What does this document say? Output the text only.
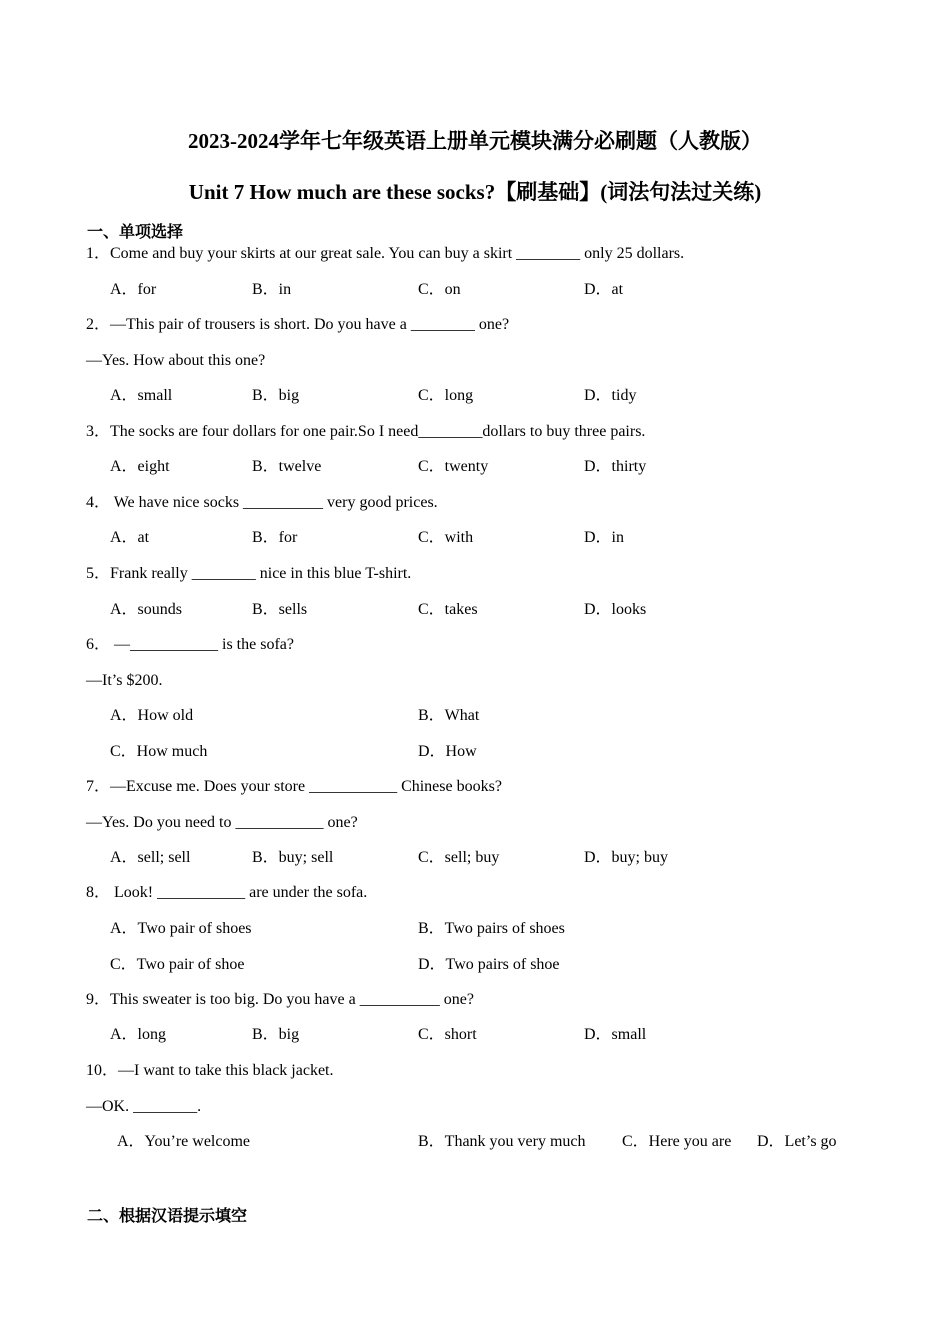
2023-2024学年七年级英语上册单元模块满分必刷题（人教版）
Unit 7 How much are these socks?【刷基础】(词法句法过关练)
一、单项选择
1．Come and buy your skirts at our great sale. You can buy a skirt ________ only 25 dollars.
A．for	B．in	C．on	D．at
2．—This pair of trousers is short. Do you have a ________ one?
—Yes. How about this one?
A．small	B．big	C．long	D．tidy
3．The socks are four dollars for one pair.So I need________dollars to buy three pairs.
A．eight	B．twelve	C．twenty	D．thirty
4． We have nice socks __________ very good prices.
A．at	B．for	C．with	D．in
5．Frank really ________ nice in this blue T-shirt.
A．sounds	B．sells	C．takes	D．looks
6． —___________ is the sofa?
—It’s $200.
A．How old	B．What
C．How much	D．How
7．—Excuse me. Does your store ___________ Chinese books?
—Yes. Do you need to ___________ one?
A．sell; sell	B．buy; sell	C．sell; buy	D．buy; buy
8． Look! ___________ are under the sofa.
A．Two pair of shoes	B．Two pairs of shoes
C．Two pair of shoe	D．Two pairs of shoe
9．This sweater is too big. Do you have a __________ one?
A．long	B．big	C．short	D．small
10．—I want to take this black jacket.
—OK. ________.
A．You’re welcome	B．Thank you very much C．Here you are D．Let’s go
二、根据汉语提示填空
